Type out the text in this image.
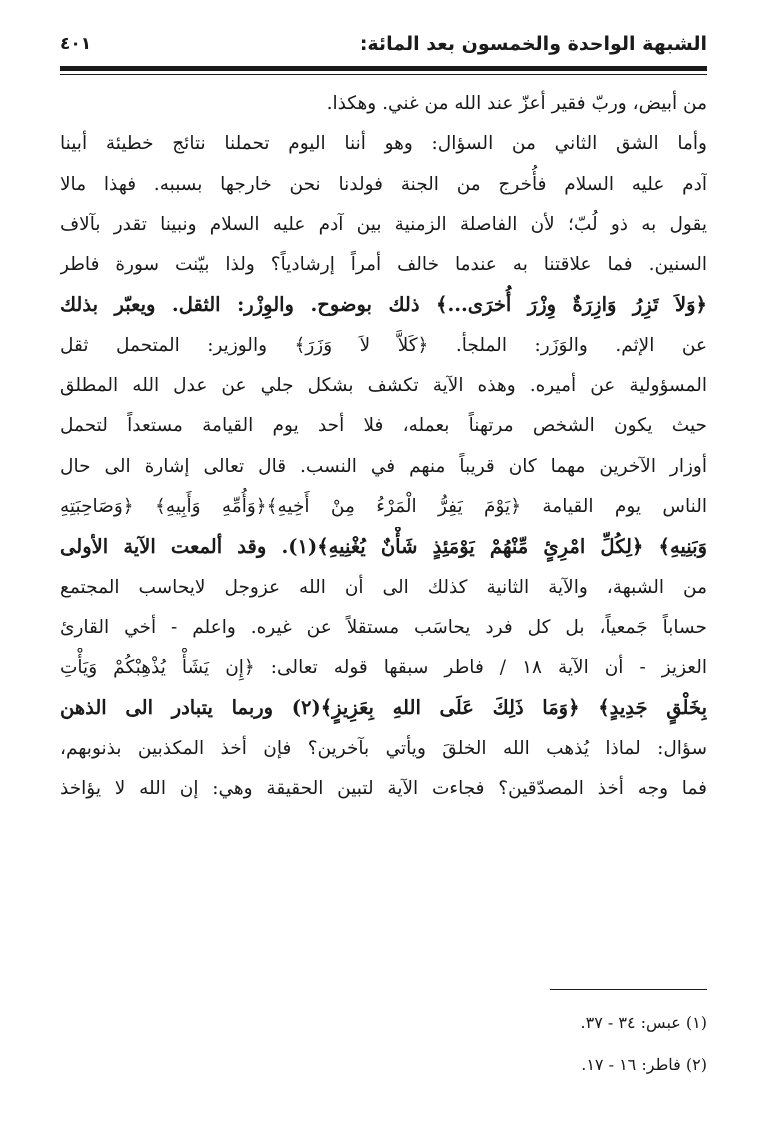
الشبهة الواحدة والخمسون بعد المائة:
٤٠١
من أبيض، وربّ فقير أعزّ عند الله من غني. وهكذا.
وأما الشق الثاني من السؤال: وهو أننا اليوم تحملنا نتائج خطيئة أبينا
آدم عليه السلام فأُخرج من الجنة فولدنا نحن خارجها بسببه. فهذا مالا
يقول به ذو لُبّ؛ لأن الفاصلة الزمنية بين آدم عليه السلام ونبينا تقدر بآلاف
السنين. فما علاقتنا به عندما خالف أمراً إرشادياً؟ ولذا بيّنت سورة فاطر
﴿وَلاَ تَزِرُ وَازِرَةٌ وِزْرَ أُخرَى...﴾ ذلك بوضوح. والوِزْر: الثقل. ويعبّر بذلك
عن الإثم. والوَزَر: الملجأ. ﴿كَلاَّ لاَ وَزَرَ﴾ والوزير: المتحمل ثقل
المسؤولية عن أميره. وهذه الآية تكشف بشكل جلي عن عدل الله المطلق
حيث يكون الشخص مرتهناً بعمله، فلا أحد يوم القيامة مستعداً لتحمل
أوزار الآخرين مهما كان قريباً منهم في النسب. قال تعالى إشارة الى حال
الناس يوم القيامة ﴿يَوْمَ يَفِرُّ الْمَرْءُ مِنْ أَخِيهِ﴾﴿وَأُمِّهِ وَأَبِيهِ﴾ ﴿وَصَاحِبَتِهِ
وَبَنِيهِ﴾ ﴿لِكُلِّ امْرِئٍ مِّنْهُمْ يَوْمَئِذٍ شَأْنٌ يُغْنِيهِ﴾(١). وقد ألمعت الآية الأولى
من الشبهة، والآية الثانية كذلك الى أن الله عزوجل لايحاسب المجتمع
حساباً جَمعياً، بل كل فرد يحاسَب مستقلاً عن غيره. واعلم - أخي القارئ
العزيز - أن الآية ١٨ / فاطر سبقها قوله تعالى: ﴿إِن يَشَأْ يُذْهِبْكُمْ وَيَأْتِ
بِخَلْقٍ جَدِيدٍ﴾ ﴿وَمَا ذَلِكَ عَلَى اللهِ بِعَزِيزٍ﴾(٢) وربما يتبادر الى الذهن
سؤال: لماذا يُذهب الله الخلقَ ويأتي بآخرين؟ فإن أخذ المكذبين بذنوبهم،
فما وجه أخذ المصدّقين؟ فجاءت الآية لتبين الحقيقة وهي: إن الله لا يؤاخذ
(١) عبس: ٣٤ - ٣٧.
(٢) فاطر: ١٦ - ١٧.
